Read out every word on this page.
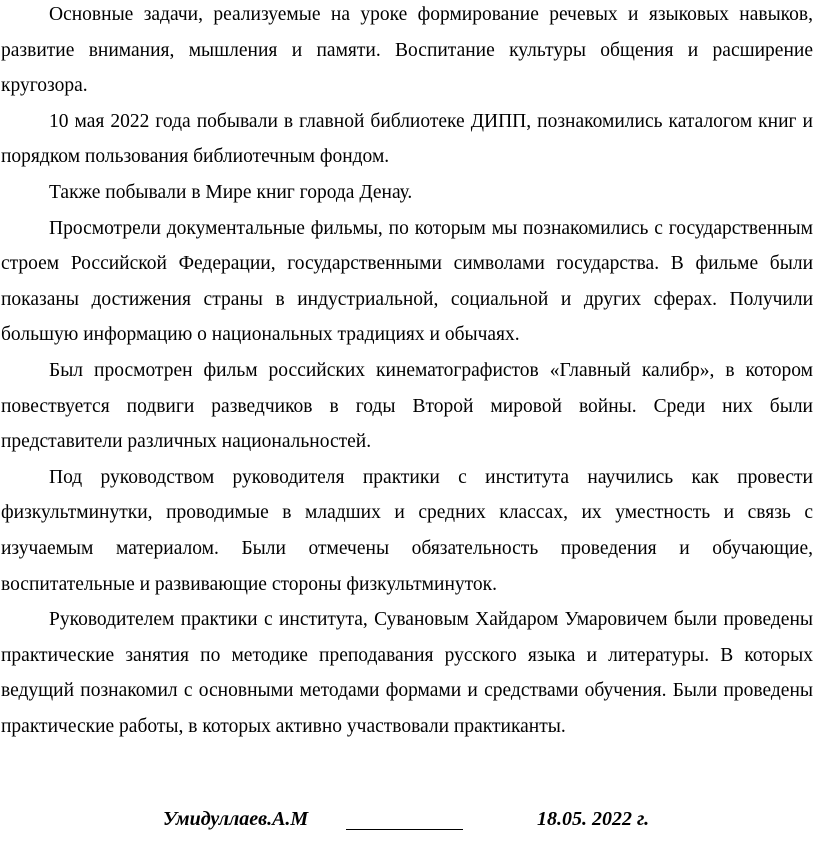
Основные задачи, реализуемые на уроке формирование речевых и языковых навыков, развитие внимания, мышления и памяти. Воспитание культуры общения и расширение кругозора.

10 мая 2022 года побывали в главной библиотеке ДИПП, познакомились каталогом книг и порядком пользования библиотечным фондом.

Также побывали в Мире книг города Денау.

Просмотрели документальные фильмы, по которым мы познакомились с государственным строем Российской Федерации, государственными символами государства. В фильме были показаны достижения страны в индустриальной, социальной и других сферах. Получили большую информацию о национальных традициях и обычаях.

Был просмотрен фильм российских кинематографистов «Главный калибр», в котором повествуется подвиги разведчиков в годы Второй мировой войны. Среди них были представители различных национальностей.

Под руководством руководителя практики с института научились как провести физкультминутки, проводимые в младших и средних классах, их уместность и связь с изучаемым материалом. Были отмечены обязательность проведения и обучающие, воспитательные и развивающие стороны физкультминуток.

Руководителем практики с института, Сувановым Хайдаром Умаровичем были проведены практические занятия по методике преподавания русского языка и литературы. В которых ведущий познакомил с основными методами формами и средствами обучения. Были проведены практические работы, в которых активно участвовали практиканты.

Умидуллаев.А.М	18.05. 2022 г.
